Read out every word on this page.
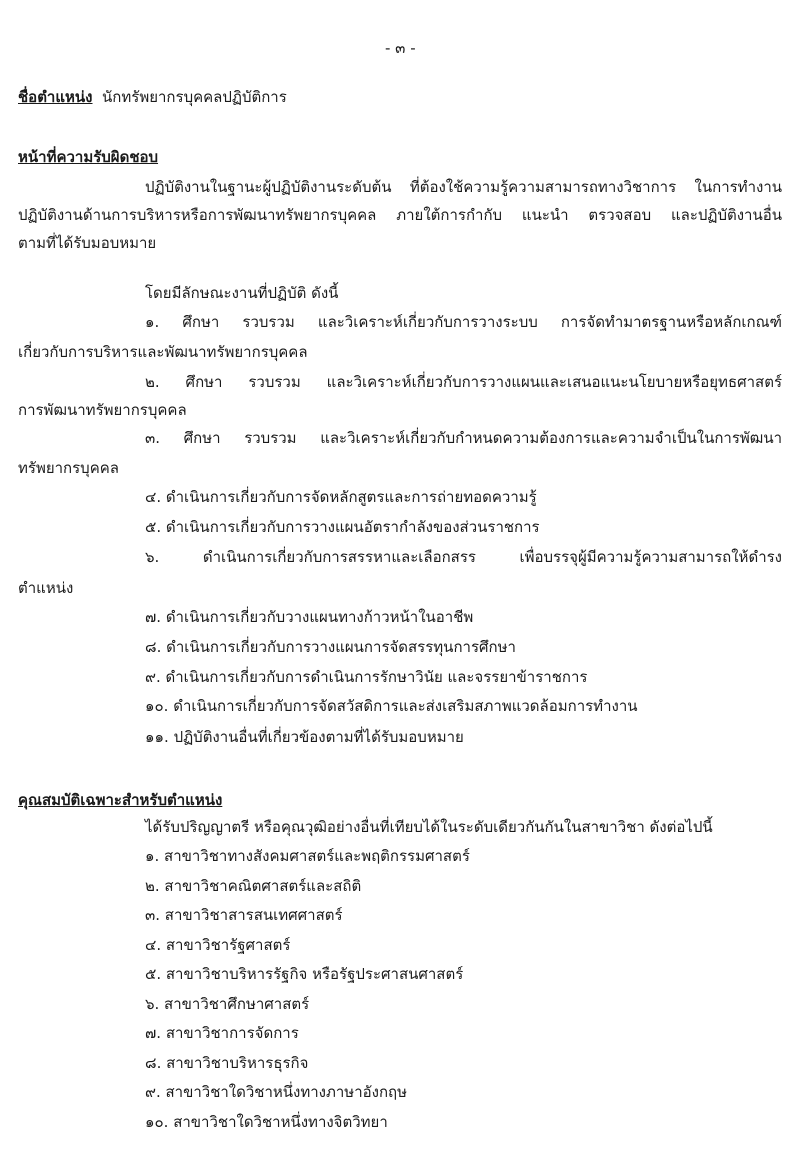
- ๓ -
ชื่อตำแหน่ง นักทรัพยากรบุคคลปฏิบัติการ
หน้าที่ความรับผิดชอบ
ปฏิบัติงานในฐานะผู้ปฏิบัติงานระดับต้น ที่ต้องใช้ความรู้ความสามารถทางวิชาการ ในการทำงาน
ปฏิบัติงานด้านการบริหารหรือการพัฒนาทรัพยากรบุคคล ภายใต้การกำกับ แนะนำ ตรวจสอบ และปฏิบัติงานอื่น
ตามที่ได้รับมอบหมาย
โดยมีลักษณะงานที่ปฏิบัติ ดังนี้
๑. ศึกษา รวบรวม และวิเคราะห์เกี่ยวกับการวางระบบ การจัดทำมาตรฐานหรือหลักเกณฑ์
เกี่ยวกับการบริหารและพัฒนาทรัพยากรบุคคล
๒. ศึกษา รวบรวม และวิเคราะห์เกี่ยวกับการวางแผนและเสนอแนะนโยบายหรือยุทธศาสตร์
การพัฒนาทรัพยากรบุคคล
๓. ศึกษา รวบรวม และวิเคราะห์เกี่ยวกับกำหนดความต้องการและความจำเป็นในการพัฒนา
ทรัพยากรบุคคล
๔. ดำเนินการเกี่ยวกับการจัดหลักสูตรและการถ่ายทอดความรู้
๕. ดำเนินการเกี่ยวกับการวางแผนอัตรากำลังของส่วนราชการ
๖. ดำเนินการเกี่ยวกับการสรรหาและเลือกสรร เพื่อบรรจุผู้มีความรู้ความสามารถให้ดำรง
ตำแหน่ง
๗. ดำเนินการเกี่ยวกับวางแผนทางก้าวหน้าในอาชีพ
๘. ดำเนินการเกี่ยวกับการวางแผนการจัดสรรทุนการศึกษา
๙. ดำเนินการเกี่ยวกับการดำเนินการรักษาวินัย และจรรยาข้าราชการ
๑๐. ดำเนินการเกี่ยวกับการจัดสวัสดิการและส่งเสริมสภาพแวดล้อมการทำงาน
๑๑. ปฏิบัติงานอื่นที่เกี่ยวข้องตามที่ได้รับมอบหมาย
คุณสมบัติเฉพาะสำหรับตำแหน่ง
ได้รับปริญญาตรี หรือคุณวุฒิอย่างอื่นที่เทียบได้ในระดับเดียวกันกันในสาขาวิชา ดังต่อไปนี้
๑. สาขาวิชาทางสังคมศาสตร์และพฤติกรรมศาสตร์
๒. สาขาวิชาคณิตศาสตร์และสถิติ
๓. สาขาวิชาสารสนเทศศาสตร์
๔. สาขาวิชารัฐศาสตร์
๕. สาขาวิชาบริหารรัฐกิจ หรือรัฐประศาสนศาสตร์
๖. สาขาวิชาศึกษาศาสตร์
๗. สาขาวิชาการจัดการ
๘. สาขาวิชาบริหารธุรกิจ
๙. สาขาวิชาใดวิชาหนึ่งทางภาษาอังกฤษ
๑๐. สาขาวิชาใดวิชาหนึ่งทางจิตวิทยา
